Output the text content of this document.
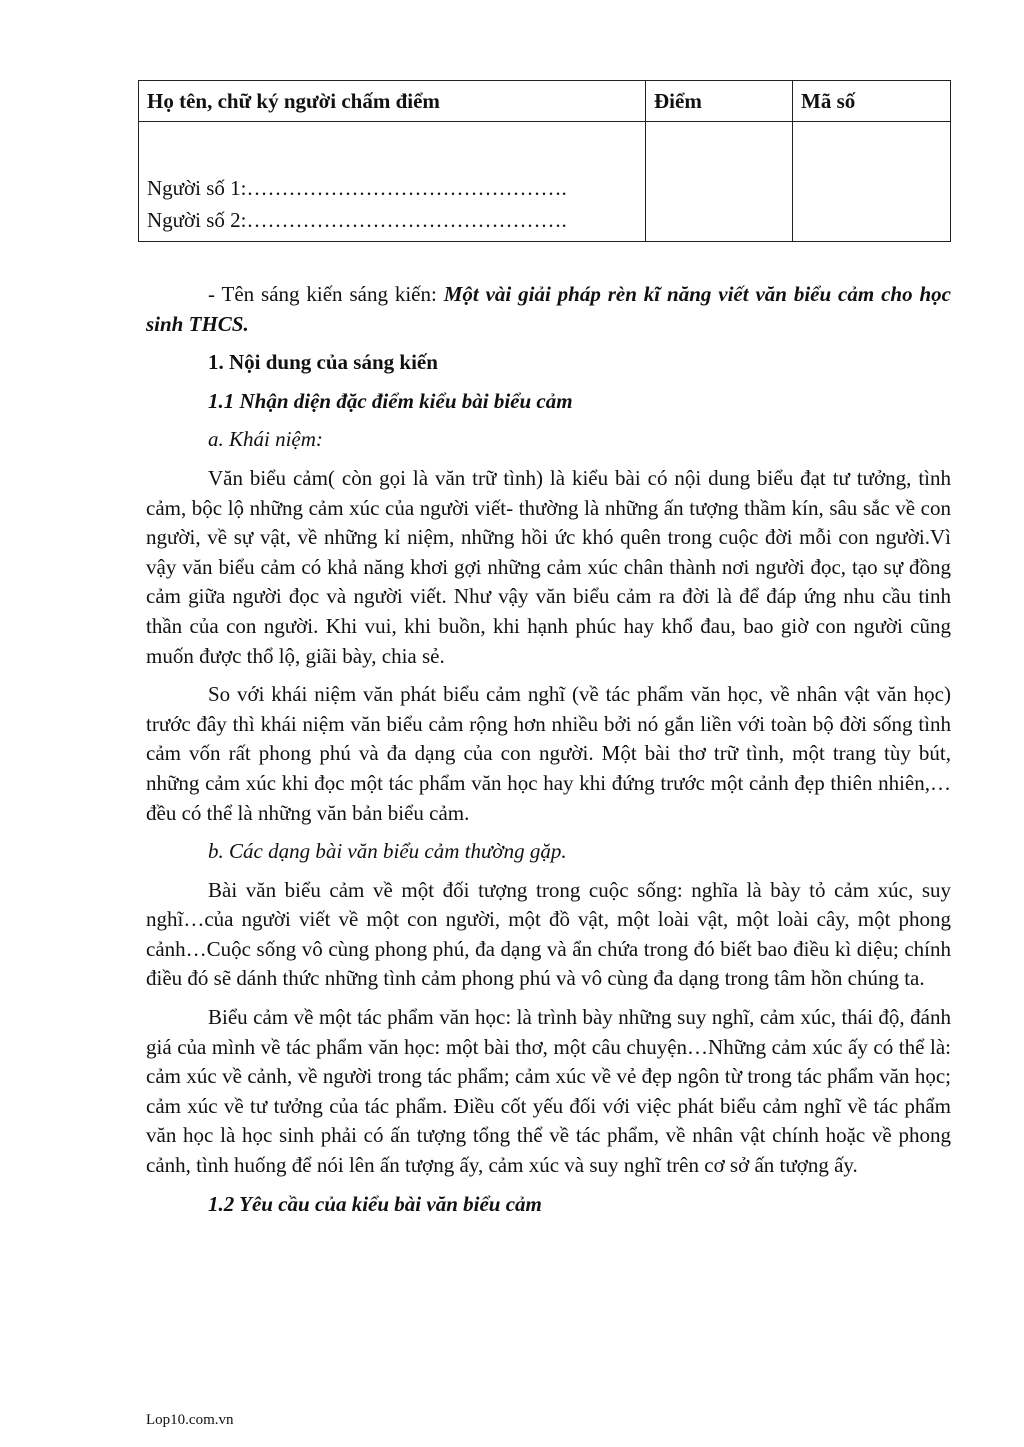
Họ tên, chữ ký người chấm điểm	Điểm	Mã số

Người số 1:……………………………………….
Người số 2:……………………………………….		

- Tên sáng kiến sáng kiến: Một vài giải pháp rèn kĩ năng viết văn biểu cảm cho học sinh THCS.

1. Nội dung của sáng kiến

1.1 Nhận diện đặc điểm kiểu bài biểu cảm

a. Khái niệm:

Văn biểu cảm( còn gọi là văn trữ tình) là kiểu bài có nội dung biểu đạt tư tưởng, tình cảm, bộc lộ những cảm xúc của người viết- thường là những ấn tượng thầm kín, sâu sắc về con người, về sự vật, về những kỉ niệm, những hồi ức khó quên trong cuộc đời mỗi con người.Vì vậy văn biểu cảm có khả năng khơi gợi những cảm xúc chân thành nơi người đọc, tạo sự đồng cảm giữa người đọc và người viết. Như vậy văn biểu cảm ra đời là để đáp ứng nhu cầu tinh thần của con người. Khi vui, khi buồn, khi hạnh phúc hay khổ đau, bao giờ con người cũng muốn được thổ lộ, giãi bày, chia sẻ.

So với khái niệm văn phát biểu cảm nghĩ (về tác phẩm văn học, về nhân vật văn học) trước đây thì khái niệm văn biểu cảm rộng hơn nhiều bởi nó gắn liền với toàn bộ đời sống tình cảm vốn rất phong phú và đa dạng của con người. Một bài thơ trữ tình, một trang tùy bút, những cảm xúc khi đọc một tác phẩm văn học hay khi đứng trước một cảnh đẹp thiên nhiên,…đều có thể là những văn bản biểu cảm.

b. Các dạng bài văn biểu cảm thường gặp.

Bài văn biểu cảm về một đối tượng trong cuộc sống: nghĩa là bày tỏ cảm xúc, suy nghĩ…của người viết về một con người, một đồ vật, một loài vật, một loài cây, một phong cảnh…Cuộc sống vô cùng phong phú, đa dạng và ẩn chứa trong đó biết bao điều kì diệu; chính điều đó sẽ dánh thức những tình cảm phong phú và vô cùng đa dạng trong tâm hồn chúng ta.

Biểu cảm về một tác phẩm văn học: là trình bày những suy nghĩ, cảm xúc, thái độ, đánh giá của mình về tác phẩm văn học: một bài thơ, một câu chuyện…Những cảm xúc ấy có thể là: cảm xúc về cảnh, về người trong tác phẩm; cảm xúc về vẻ đẹp ngôn từ trong tác phẩm văn học; cảm xúc về tư tưởng của tác phẩm. Điều cốt yếu đối với việc phát biểu cảm nghĩ về tác phẩm văn học là học sinh phải có ấn tượng tổng thể về tác phẩm, về nhân vật chính hoặc về phong cảnh, tình huống để nói lên ấn tượng ấy, cảm xúc và suy nghĩ trên cơ sở ấn tượng ấy.

1.2 Yêu cầu của kiểu bài văn biểu cảm

Lop10.com.vn
